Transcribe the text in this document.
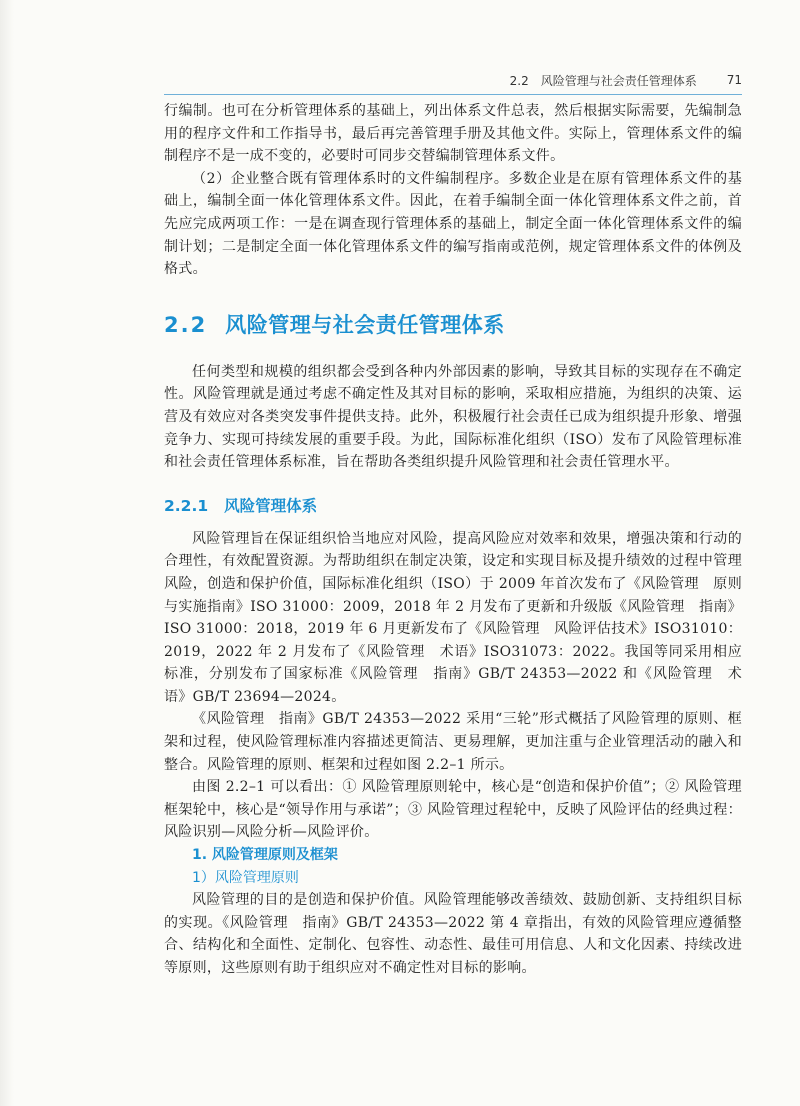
2.2　风险管理与社会责任管理体系	71

行编制。也可在分析管理体系的基础上，列出体系文件总表，然后根据实际需要，先编制急用的程序文件和工作指导书，最后再完善管理手册及其他文件。实际上，管理体系文件的编制程序不是一成不变的，必要时可同步交替编制管理体系文件。

（2）企业整合既有管理体系时的文件编制程序。多数企业是在原有管理体系文件的基础上，编制全面一体化管理体系文件。因此，在着手编制全面一体化管理体系文件之前，首先应完成两项工作：一是在调查现行管理体系的基础上，制定全面一体化管理体系文件的编制计划；二是制定全面一体化管理体系文件的编写指南或范例，规定管理体系文件的体例及格式。

2.2 风险管理与社会责任管理体系

任何类型和规模的组织都会受到各种内外部因素的影响，导致其目标的实现存在不确定性。风险管理就是通过考虑不确定性及其对目标的影响，采取相应措施，为组织的决策、运营及有效应对各类突发事件提供支持。此外，积极履行社会责任已成为组织提升形象、增强竞争力、实现可持续发展的重要手段。为此，国际标准化组织（ISO）发布了风险管理标准和社会责任管理体系标准，旨在帮助各类组织提升风险管理和社会责任管理水平。

2.2.1 风险管理体系

风险管理旨在保证组织恰当地应对风险，提高风险应对效率和效果，增强决策和行动的合理性，有效配置资源。为帮助组织在制定决策，设定和实现目标及提升绩效的过程中管理风险，创造和保护价值，国际标准化组织（ISO）于 2009 年首次发布了《风险管理　原则与实施指南》ISO 31000：2009，2018 年 2 月发布了更新和升级版《风险管理　指南》ISO 31000：2018，2019 年 6 月更新发布了《风险管理　风险评估技术》ISO31010：2019，2022 年 2 月发布了《风险管理　术语》ISO31073：2022。我国等同采用相应标准，分别发布了国家标准《风险管理　指南》GB/T 24353—2022 和《风险管理　术语》GB/T 23694—2024。

《风险管理　指南》GB/T 24353—2022 采用“三轮”形式概括了风险管理的原则、框架和过程，使风险管理标准内容描述更简洁、更易理解，更加注重与企业管理活动的融入和整合。风险管理的原则、框架和过程如图 2.2–1 所示。

由图 2.2–1 可以看出：① 风险管理原则轮中，核心是“创造和保护价值”；② 风险管理框架轮中，核心是“领导作用与承诺”；③ 风险管理过程轮中，反映了风险评估的经典过程：风险识别—风险分析—风险评价。

1. 风险管理原则及框架
1）风险管理原则

风险管理的目的是创造和保护价值。风险管理能够改善绩效、鼓励创新、支持组织目标的实现。《风险管理　指南》GB/T 24353—2022 第 4 章指出，有效的风险管理应遵循整合、结构化和全面性、定制化、包容性、动态性、最佳可用信息、人和文化因素、持续改进等原则，这些原则有助于组织应对不确定性对目标的影响。
